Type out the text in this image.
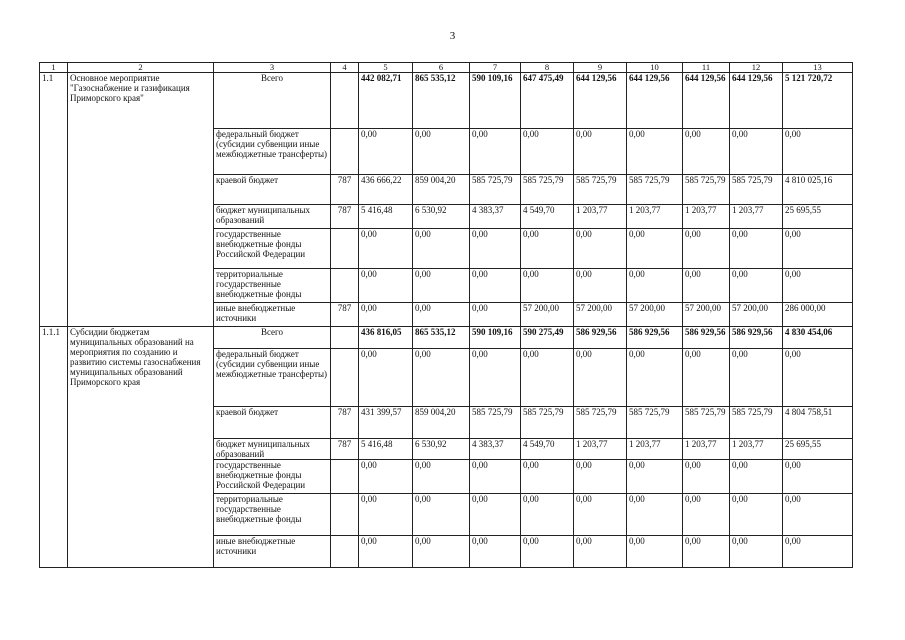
3
1	2	3	4	5	6	7	8	9	10	11	12	13
1.1	Основное мероприятие "Газоснабжение и газификация Приморского края"	Всего		442 082,71	865 535,12	590 109,16	647 475,49	644 129,56	644 129,56	644 129,56	644 129,56	5 121 720,72
		федеральный бюджет (субсидии субвенции иные межбюджетные трансферты)		0,00	0,00	0,00	0,00	0,00	0,00	0,00	0,00	0,00
		краевой бюджет	787	436 666,22	859 004,20	585 725,79	585 725,79	585 725,79	585 725,79	585 725,79	585 725,79	4 810 025,16
		бюджет муниципальных образований	787	5 416,48	6 530,92	4 383,37	4 549,70	1 203,77	1 203,77	1 203,77	1 203,77	25 695,55
		государственные внебюджетные фонды Российской Федерации		0,00	0,00	0,00	0,00	0,00	0,00	0,00	0,00	0,00
		территориальные государственные внебюджетные фонды		0,00	0,00	0,00	0,00	0,00	0,00	0,00	0,00	0,00
		иные внебюджетные источники	787	0,00	0,00	0,00	57 200,00	57 200,00	57 200,00	57 200,00	57 200,00	286 000,00
1.1.1	Субсидии бюджетам муниципальных образований на мероприятия по созданию и развитию системы газоснабжения муниципальных образований Приморского края	Всего		436 816,05	865 535,12	590 109,16	590 275,49	586 929,56	586 929,56	586 929,56	586 929,56	4 830 454,06
		федеральный бюджет (субсидии субвенции иные межбюджетные трансферты)		0,00	0,00	0,00	0,00	0,00	0,00	0,00	0,00	0,00
		краевой бюджет	787	431 399,57	859 004,20	585 725,79	585 725,79	585 725,79	585 725,79	585 725,79	585 725,79	4 804 758,51
		бюджет муниципальных образований	787	5 416,48	6 530,92	4 383,37	4 549,70	1 203,77	1 203,77	1 203,77	1 203,77	25 695,55
		государственные внебюджетные фонды Российской Федерации		0,00	0,00	0,00	0,00	0,00	0,00	0,00	0,00	0,00
		территориальные государственные внебюджетные фонды		0,00	0,00	0,00	0,00	0,00	0,00	0,00	0,00	0,00
		иные внебюджетные источники		0,00	0,00	0,00	0,00	0,00	0,00	0,00	0,00	0,00
